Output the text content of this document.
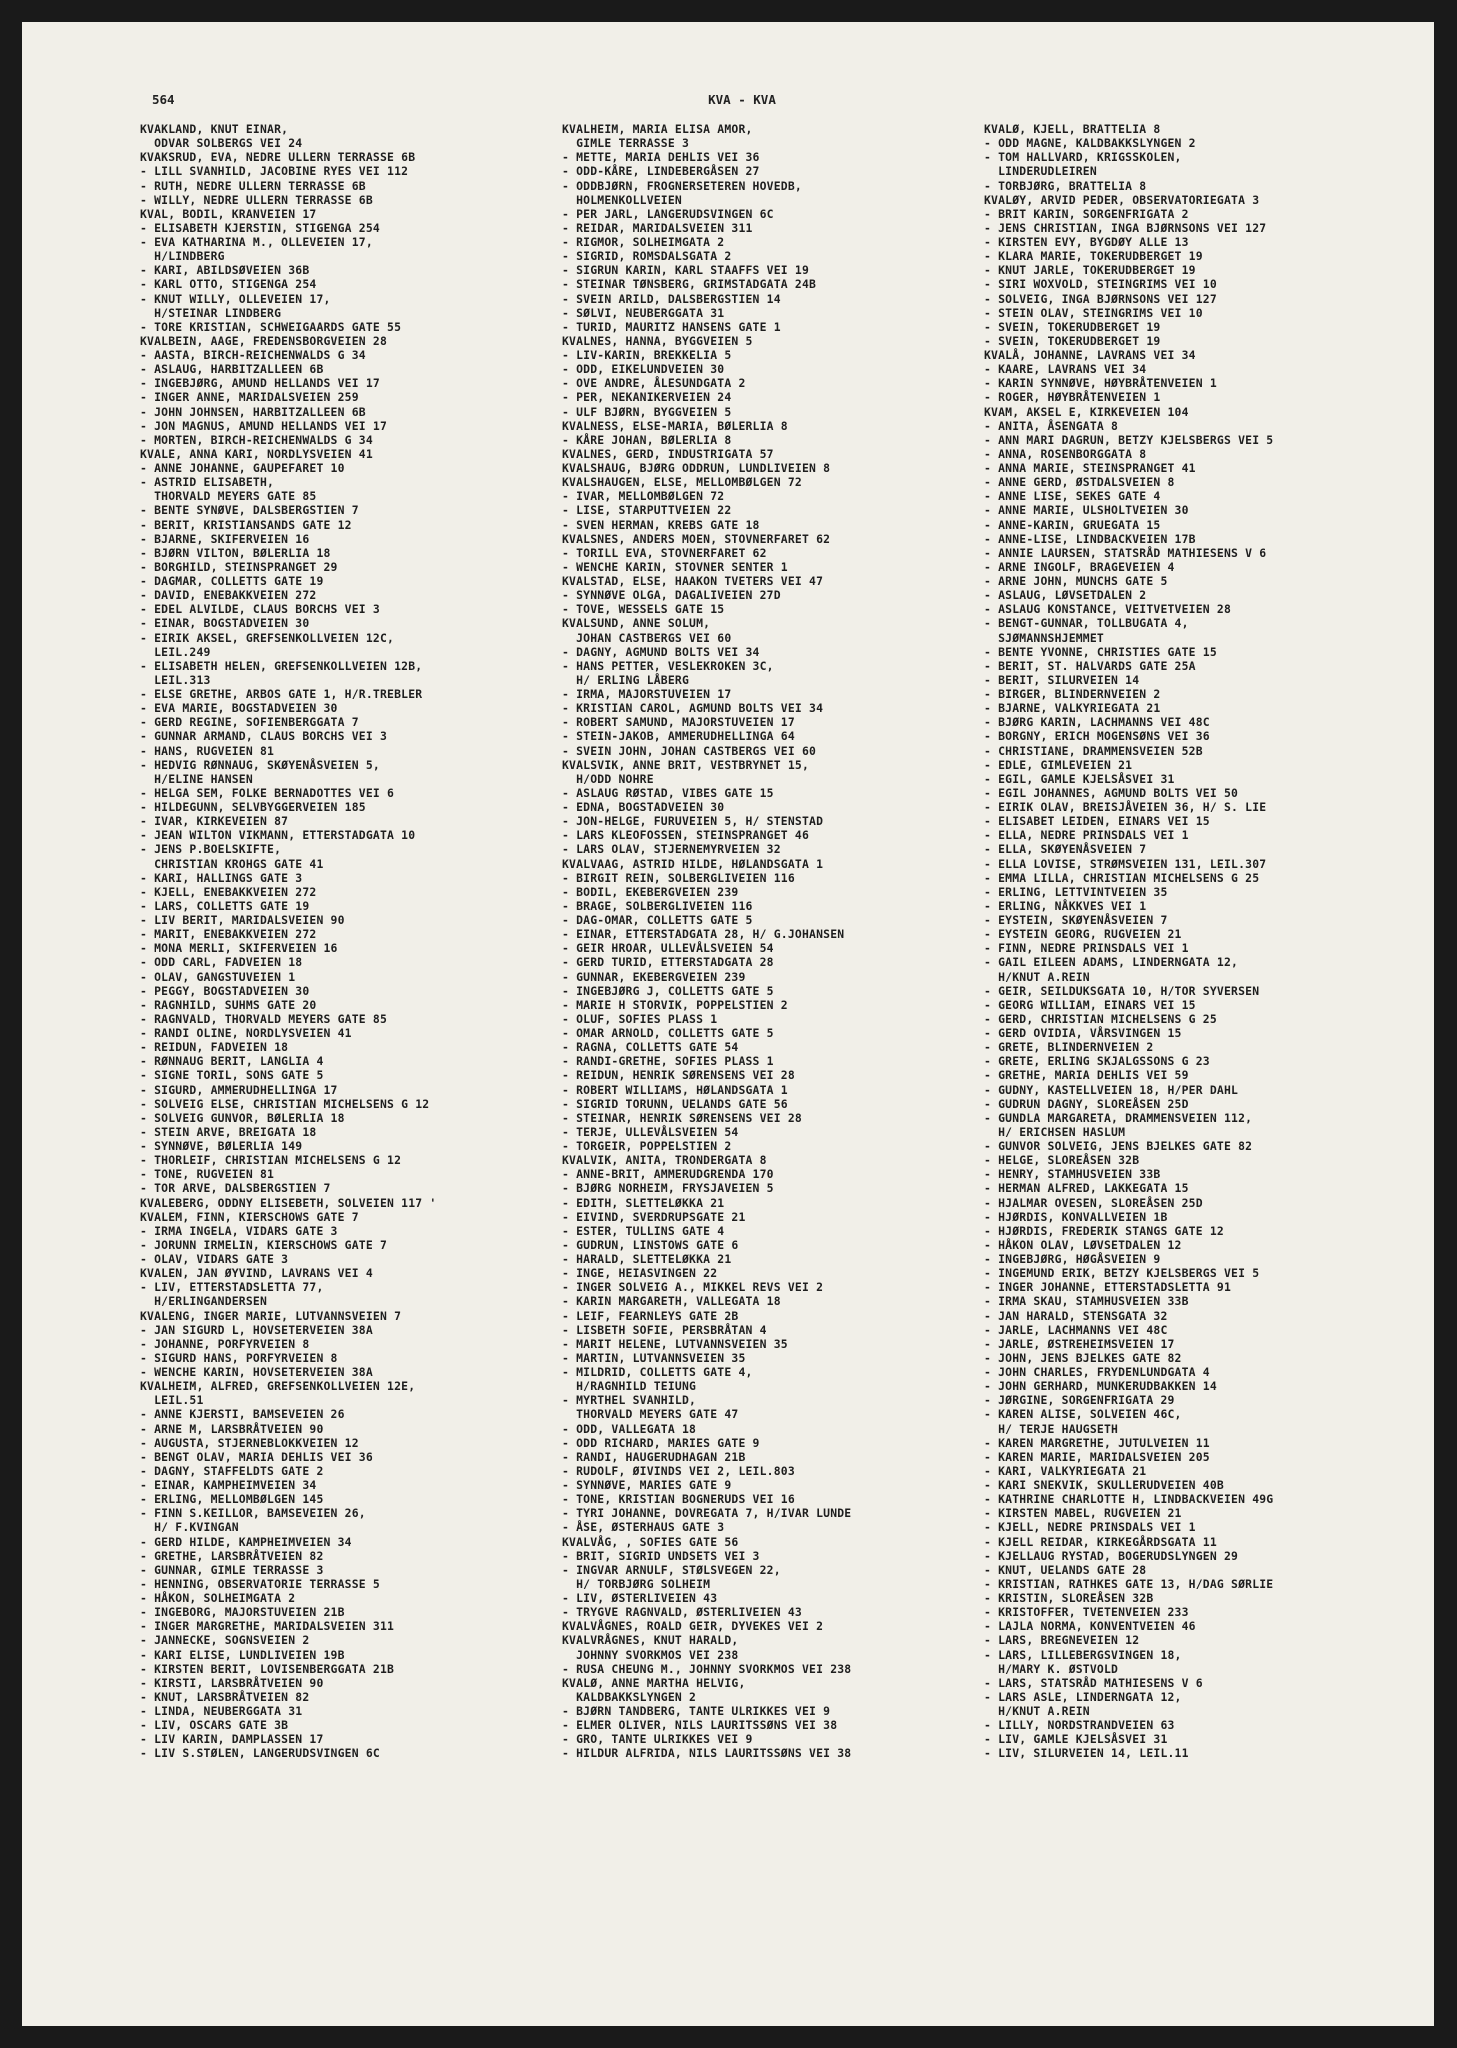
564	KVA - KVA
KVAKLAND, KNUT EINAR,
ODVAR SOLBERGS VEI 24
KVAKSRUD, EVA, NEDRE ULLERN TERRASSE 6B
- LILL SVANHILD, JACOBINE RYES VEI 112
- RUTH, NEDRE ULLERN TERRASSE 6B
- WILLY, NEDRE ULLERN TERRASSE 6B
KVAL, BODIL, KRANVEIEN 17
- ELISABETH KJERSTIN, STIGENGA 254
- EVA KATHARINA M., OLLEVEIEN 17,
H/LINDBERG
- KARI, ABILDSØVEIEN 36B
- KARL OTTO, STIGENGA 254
- KNUT WILLY, OLLEVEIEN 17,
H/STEINAR LINDBERG
- TORE KRISTIAN, SCHWEIGAARDS GATE 55
KVALBEIN, AAGE, FREDENSBORGVEIEN 28
- AASTA, BIRCH-REICHENWALDS G 34
- ASLAUG, HARBITZALLEEN 6B
- INGEBJØRG, AMUND HELLANDS VEI 17
- INGER ANNE, MARIDALSVEIEN 259
- JOHN JOHNSEN, HARBITZALLEEN 6B
- JON MAGNUS, AMUND HELLANDS VEI 17
- MORTEN, BIRCH-REICHENWALDS G 34
KVALE, ANNA KARI, NORDLYSVEIEN 41
- ANNE JOHANNE, GAUPEFARET 10
- ASTRID ELISABETH,
THORVALD MEYERS GATE 85
- BENTE SYNØVE, DALSBERGSTIEN 7
- BERIT, KRISTIANSANDS GATE 12
- BJARNE, SKIFERVEIEN 16
- BJØRN VILTON, BØLERLIA 18
- BORGHILD, STEINSPRANGET 29
- DAGMAR, COLLETTS GATE 19
- DAVID, ENEBAKKVEIEN 272
- EDEL ALVILDE, CLAUS BORCHS VEI 3
- EINAR, BOGSTADVEIEN 30
- EIRIK AKSEL, GREFSENKOLLVEIEN 12C,
LEIL.249
- ELISABETH HELEN, GREFSENKOLLVEIEN 12B,
LEIL.313
- ELSE GRETHE, ARBOS GATE 1, H/R.TREBLER
- EVA MARIE, BOGSTADVEIEN 30
- GERD REGINE, SOFIENBERGGATA 7
- GUNNAR ARMAND, CLAUS BORCHS VEI 3
- HANS, RUGVEIEN 81
- HEDVIG RØNNAUG, SKØYENÅSVEIEN 5,
H/ELINE HANSEN
- HELGA SEM, FOLKE BERNADOTTES VEI 6
- HILDEGUNN, SELVBYGGERVEIEN 185
- IVAR, KIRKEVEIEN 87
- JEAN WILTON VIKMANN, ETTERSTADGATA 10
- JENS P.BOELSKIFTE,
CHRISTIAN KROHGS GATE 41
- KARI, HALLINGS GATE 3
- KJELL, ENEBAKKVEIEN 272
- LARS, COLLETTS GATE 19
- LIV BERIT, MARIDALSVEIEN 90
- MARIT, ENEBAKKVEIEN 272
- MONA MERLI, SKIFERVEIEN 16
- ODD CARL, FADVEIEN 18
- OLAV, GANGSTUVEIEN 1
- PEGGY, BOGSTADVEIEN 30
- RAGNHILD, SUHMS GATE 20
- RAGNVALD, THORVALD MEYERS GATE 85
- RANDI OLINE, NORDLYSVEIEN 41
- REIDUN, FADVEIEN 18
- RØNNAUG BERIT, LANGLIA 4
- SIGNE TORIL, SONS GATE 5
- SIGURD, AMMERUDHELLINGA 17
- SOLVEIG ELSE, CHRISTIAN MICHELSENS G 12
- SOLVEIG GUNVOR, BØLERLIA 18
- STEIN ARVE, BREIGATA 18
- SYNNØVE, BØLERLIA 149
- THORLEIF, CHRISTIAN MICHELSENS G 12
- TONE, RUGVEIEN 81
- TOR ARVE, DALSBERGSTIEN 7
KVALEBERG, ODDNY ELISEBETH, SOLVEIEN 117 '
KVALEM, FINN, KIERSCHOWS GATE 7
- IRMA INGELA, VIDARS GATE 3
- JORUNN IRMELIN, KIERSCHOWS GATE 7
- OLAV, VIDARS GATE 3
KVALEN, JAN ØYVIND, LAVRANS VEI 4
- LIV, ETTERSTADSLETTA 77,
H/ERLINGANDERSEN
KVALENG, INGER MARIE, LUTVANNSVEIEN 7
- JAN SIGURD L, HOVSETERVEIEN 38A
- JOHANNE, PORFYRVEIEN 8
- SIGURD HANS, PORFYRVEIEN 8
- WENCHE KARIN, HOVSETERVEIEN 38A
KVALHEIM, ALFRED, GREFSENKOLLVEIEN 12E,
LEIL.51
- ANNE KJERSTI, BAMSEVEIEN 26
- ARNE M, LARSBRÅTVEIEN 90
- AUGUSTA, STJERNEBLOKKVEIEN 12
- BENGT OLAV, MARIA DEHLIS VEI 36
- DAGNY, STAFFELDTS GATE 2
- EINAR, KAMPHEIMVEIEN 34
- ERLING, MELLOMBØLGEN 145
- FINN S.KEILLOR, BAMSEVEIEN 26,
H/ F.KVINGAN
- GERD HILDE, KAMPHEIMVEIEN 34
- GRETHE, LARSBRÅTVEIEN 82
- GUNNAR, GIMLE TERRASSE 3
- HENNING, OBSERVATORIE TERRASSE 5
- HÅKON, SOLHEIMGATA 2
- INGEBORG, MAJORSTUVEIEN 21B
- INGER MARGRETHE, MARIDALSVEIEN 311
- JANNECKE, SOGNSVEIEN 2
- KARI ELISE, LUNDLIVEIEN 19B
- KIRSTEN BERIT, LOVISENBERGGATA 21B
- KIRSTI, LARSBRÅTVEIEN 90
- KNUT, LARSBRÅTVEIEN 82
- LINDA, NEUBERGGATA 31
- LIV, OSCARS GATE 3B
- LIV KARIN, DAMPLASSEN 17
- LIV S.STØLEN, LANGERUDSVINGEN 6C
KVALHEIM, MARIA ELISA AMOR,
GIMLE TERRASSE 3
- METTE, MARIA DEHLIS VEI 36
- ODD-KÅRE, LINDEBERGÅSEN 27
- ODDBJØRN, FROGNERSETEREN HOVEDB,
HOLMENKOLLVEIEN
- PER JARL, LANGERUDSVINGEN 6C
- REIDAR, MARIDALSVEIEN 311
- RIGMOR, SOLHEIMGATA 2
- SIGRID, ROMSDALSGATA 2
- SIGRUN KARIN, KARL STAAFFS VEI 19
- STEINAR TØNSBERG, GRIMSTADGATA 24B
- SVEIN ARILD, DALSBERGSTIEN 14
- SØLVI, NEUBERGGATA 31
- TURID, MAURITZ HANSENS GATE 1
KVALNES, HANNA, BYGGVEIEN 5
- LIV-KARIN, BREKKELIA 5
- ODD, EIKELUNDVEIEN 30
- OVE ANDRE, ÅLESUNDGATA 2
- PER, NEKANIKERVEIEN 24
- ULF BJØRN, BYGGVEIEN 5
KVALNESS, ELSE-MARIA, BØLERLIA 8
- KÅRE JOHAN, BØLERLIA 8
KVALNES, GERD, INDUSTRIGATA 57
KVALSHAUG, BJØRG ODDRUN, LUNDLIVEIEN 8
KVALSHAUGEN, ELSE, MELLOMBØLGEN 72
- IVAR, MELLOMBØLGEN 72
- LISE, STARPUTTVEIEN 22
- SVEN HERMAN, KREBS GATE 18
KVALSNES, ANDERS MOEN, STOVNERFARET 62
- TORILL EVA, STOVNERFARET 62
- WENCHE KARIN, STOVNER SENTER 1
KVALSTAD, ELSE, HAAKON TVETERS VEI 47
- SYNNØVE OLGA, DAGALIVEIEN 27D
- TOVE, WESSELS GATE 15
KVALSUND, ANNE SOLUM,
JOHAN CASTBERGS VEI 60
- DAGNY, AGMUND BOLTS VEI 34
- HANS PETTER, VESLEKROKEN 3C,
H/ ERLING LÅBERG
- IRMA, MAJORSTUVEIEN 17
- KRISTIAN CAROL, AGMUND BOLTS VEI 34
- ROBERT SAMUND, MAJORSTUVEIEN 17
- STEIN-JAKOB, AMMERUDHELLINGA 64
- SVEIN JOHN, JOHAN CASTBERGS VEI 60
KVALSVIK, ANNE BRIT, VESTBRYNET 15,
H/ODD NOHRE
- ASLAUG RØSTAD, VIBES GATE 15
- EDNA, BOGSTADVEIEN 30
- JON-HELGE, FURUVEIEN 5, H/ STENSTAD
- LARS KLEOFOSSEN, STEINSPRANGET 46
- LARS OLAV, STJERNEMYRVEIEN 32
KVALVAAG, ASTRID HILDE, HØLANDSGATA 1
- BIRGIT REIN, SOLBERGLIVEIEN 116
- BODIL, EKEBERGVEIEN 239
- BRAGE, SOLBERGLIVEIEN 116
- DAG-OMAR, COLLETTS GATE 5
- EINAR, ETTERSTADGATA 28, H/ G.JOHANSEN
- GEIR HROAR, ULLEVÅLSVEIEN 54
- GERD TURID, ETTERSTADGATA 28
- GUNNAR, EKEBERGVEIEN 239
- INGEBJØRG J, COLLETTS GATE 5
- MARIE H STORVIK, POPPELSTIEN 2
- OLUF, SOFIES PLASS 1
- OMAR ARNOLD, COLLETTS GATE 5
- RAGNA, COLLETTS GATE 54
- RANDI-GRETHE, SOFIES PLASS 1
- REIDUN, HENRIK SØRENSENS VEI 28
- ROBERT WILLIAMS, HØLANDSGATA 1
- SIGRID TORUNN, UELANDS GATE 56
- STEINAR, HENRIK SØRENSENS VEI 28
- TERJE, ULLEVÅLSVEIEN 54
- TORGEIR, POPPELSTIEN 2
KVALVIK, ANITA, TRONDERGATA 8
- ANNE-BRIT, AMMERUDGRENDA 170
- BJØRG NORHEIM, FRYSJAVEIEN 5
- EDITH, SLETTELØKKA 21
- EIVIND, SVERDRUPSGATE 21
- ESTER, TULLINS GATE 4
- GUDRUN, LINSTOWS GATE 6
- HARALD, SLETTELØKKA 21
- INGE, HEIASVINGEN 22
- INGER SOLVEIG A., MIKKEL REVS VEI 2
- KARIN MARGARETH, VALLEGATA 18
- LEIF, FEARNLEYS GATE 2B
- LISBETH SOFIE, PERSBRÅTAN 4
- MARIT HELENE, LUTVANNSVEIEN 35
- MARTIN, LUTVANNSVEIEN 35
- MILDRID, COLLETTS GATE 4,
H/RAGNHILD TEIUNG
- MYRTHEL SVANHILD,
THORVALD MEYERS GATE 47
- ODD, VALLEGATA 18
- ODD RICHARD, MARIES GATE 9
- RANDI, HAUGERUDHAGAN 21B
- RUDOLF, ØIVINDS VEI 2, LEIL.803
- SYNNØVE, MARIES GATE 9
- TONE, KRISTIAN BOGNERUDS VEI 16
- TYRI JOHANNE, DOVREGATA 7, H/IVAR LUNDE
- ÅSE, ØSTERHAUS GATE 3
KVALVÅG, , SOFIES GATE 56
- BRIT, SIGRID UNDSETS VEI 3
- INGVAR ARNULF, STØLSVEGEN 22,
H/ TORBJØRG SOLHEIM
- LIV, ØSTERLIVEIEN 43
- TRYGVE RAGNVALD, ØSTERLIVEIEN 43
KVALVÅGNES, ROALD GEIR, DYVEKES VEI 2
KVALVRÅGNES, KNUT HARALD,
JOHNNY SVORKMOS VEI 238
- RUSA CHEUNG M., JOHNNY SVORKMOS VEI 238
KVALØ, ANNE MARTHA HELVIG,
KALDBAKKSLYNGEN 2
- BJØRN TANDBERG, TANTE ULRIKKES VEI 9
- ELMER OLIVER, NILS LAURITSSØNS VEI 38
- GRO, TANTE ULRIKKES VEI 9
- HILDUR ALFRIDA, NILS LAURITSSØNS VEI 38
KVALØ, KJELL, BRATTELIA 8
- ODD MAGNE, KALDBAKKSLYNGEN 2
- TOM HALLVARD, KRIGSSKOLEN,
LINDERUDLEIREN
- TORBJØRG, BRATTELIA 8
KVALØY, ARVID PEDER, OBSERVATORIEGATA 3
- BRIT KARIN, SORGENFRIGATA 2
- JENS CHRISTIAN, INGA BJØRNSONS VEI 127
- KIRSTEN EVY, BYGDØY ALLE 13
- KLARA MARIE, TOKERUDBERGET 19
- KNUT JARLE, TOKERUDBERGET 19
- SIRI WOXVOLD, STEINGRIMS VEI 10
- SOLVEIG, INGA BJØRNSONS VEI 127
- STEIN OLAV, STEINGRIMS VEI 10
- SVEIN, TOKERUDBERGET 19
- SVEIN, TOKERUDBERGET 19
KVALÅ, JOHANNE, LAVRANS VEI 34
- KAARE, LAVRANS VEI 34
- KARIN SYNNØVE, HØYBRÅTENVEIEN 1
- ROGER, HØYBRÅTENVEIEN 1
KVAM, AKSEL E, KIRKEVEIEN 104
- ANITA, ÅSENGATA 8
- ANN MARI DAGRUN, BETZY KJELSBERGS VEI 5
- ANNA, ROSENBORGGATA 8
- ANNA MARIE, STEINSPRANGET 41
- ANNE GERD, ØSTDALSVEIEN 8
- ANNE LISE, SEKES GATE 4
- ANNE MARIE, ULSHOLTVEIEN 30
- ANNE-KARIN, GRUEGATA 15
- ANNE-LISE, LINDBACKVEIEN 17B
- ANNIE LAURSEN, STATSRÅD MATHIESENS V 6
- ARNE INGOLF, BRAGEVEIEN 4
- ARNE JOHN, MUNCHS GATE 5
- ASLAUG, LØVSETDALEN 2
- ASLAUG KONSTANCE, VEITVETVEIEN 28
- BENGT-GUNNAR, TOLLBUGATA 4,
SJØMANNSHJEMMET
- BENTE YVONNE, CHRISTIES GATE 15
- BERIT, ST. HALVARDS GATE 25A
- BERIT, SILURVEIEN 14
- BIRGER, BLINDERNVEIEN 2
- BJARNE, VALKYRIEGATA 21
- BJØRG KARIN, LACHMANNS VEI 48C
- BORGNY, ERICH MOGENSØNS VEI 36
- CHRISTIANE, DRAMMENSVEIEN 52B
- EDLE, GIMLEVEIEN 21
- EGIL, GAMLE KJELSÅSVEI 31
- EGIL JOHANNES, AGMUND BOLTS VEI 50
- EIRIK OLAV, BREISJÅVEIEN 36, H/ S. LIE
- ELISABET LEIDEN, EINARS VEI 15
- ELLA, NEDRE PRINSDALS VEI 1
- ELLA, SKØYENÅSVEIEN 7
- ELLA LOVISE, STRØMSVEIEN 131, LEIL.307
- EMMA LILLA, CHRISTIAN MICHELSENS G 25
- ERLING, LETTVINTVEIEN 35
- ERLING, NÅKKVES VEI 1
- EYSTEIN, SKØYENÅSVEIEN 7
- EYSTEIN GEORG, RUGVEIEN 21
- FINN, NEDRE PRINSDALS VEI 1
- GAIL EILEEN ADAMS, LINDERNGATA 12,
H/KNUT A.REIN
- GEIR, SEILDUKSGATA 10, H/TOR SYVERSEN
- GEORG WILLIAM, EINARS VEI 15
- GERD, CHRISTIAN MICHELSENS G 25
- GERD OVIDIA, VÅRSVINGEN 15
- GRETE, BLINDERNVEIEN 2
- GRETE, ERLING SKJALGSSONS G 23
- GRETHE, MARIA DEHLIS VEI 59
- GUDNY, KASTELLVEIEN 18, H/PER DAHL
- GUDRUN DAGNY, SLOREÅSEN 25D
- GUNDLA MARGARETA, DRAMMENSVEIEN 112,
H/ ERICHSEN HASLUM
- GUNVOR SOLVEIG, JENS BJELKES GATE 82
- HELGE, SLOREÅSEN 32B
- HENRY, STAMHUSVEIEN 33B
- HERMAN ALFRED, LAKKEGATA 15
- HJALMAR OVESEN, SLOREÅSEN 25D
- HJØRDIS, KONVALLVEIEN 1B
- HJØRDIS, FREDERIK STANGS GATE 12
- HÅKON OLAV, LØVSETDALEN 12
- INGEBJØRG, HØGÅSVEIEN 9
- INGEMUND ERIK, BETZY KJELSBERGS VEI 5
- INGER JOHANNE, ETTERSTADSLETTA 91
- IRMA SKAU, STAMHUSVEIEN 33B
- JAN HARALD, STENSGATA 32
- JARLE, LACHMANNS VEI 48C
- JARLE, ØSTREHEIMSVEIEN 17
- JOHN, JENS BJELKES GATE 82
- JOHN CHARLES, FRYDENLUNDGATA 4
- JOHN GERHARD, MUNKERUDBAKKEN 14
- JØRGINE, SORGENFRIGATA 29
- KAREN ALISE, SOLVEIEN 46C,
H/ TERJE HAUGSETH
- KAREN MARGRETHE, JUTULVEIEN 11
- KAREN MARIE, MARIDALSVEIEN 205
- KARI, VALKYRIEGATA 21
- KARI SNEKVIK, SKULLERUDVEIEN 40B
- KATHRINE CHARLOTTE H, LINDBACKVEIEN 49G
- KIRSTEN MABEL, RUGVEIEN 21
- KJELL, NEDRE PRINSDALS VEI 1
- KJELL REIDAR, KIRKEGÅRDSGATA 11
- KJELLAUG RYSTAD, BOGERUDSLYNGEN 29
- KNUT, UELANDS GATE 28
- KRISTIAN, RATHKES GATE 13, H/DAG SØRLIE
- KRISTIN, SLOREÅSEN 32B
- KRISTOFFER, TVETENVEIEN 233
- LAJLA NORMA, KONVENTVEIEN 46
- LARS, BREGNEVEIEN 12
- LARS, LILLEBERGSVINGEN 18,
H/MARY K. ØSTVOLD
- LARS, STATSRÅD MATHIESENS V 6
- LARS ASLE, LINDERNGATA 12,
H/KNUT A.REIN
- LILLY, NORDSTRANDVEIEN 63
- LIV, GAMLE KJELSÅSVEI 31
- LIV, SILURVEIEN 14, LEIL.11
